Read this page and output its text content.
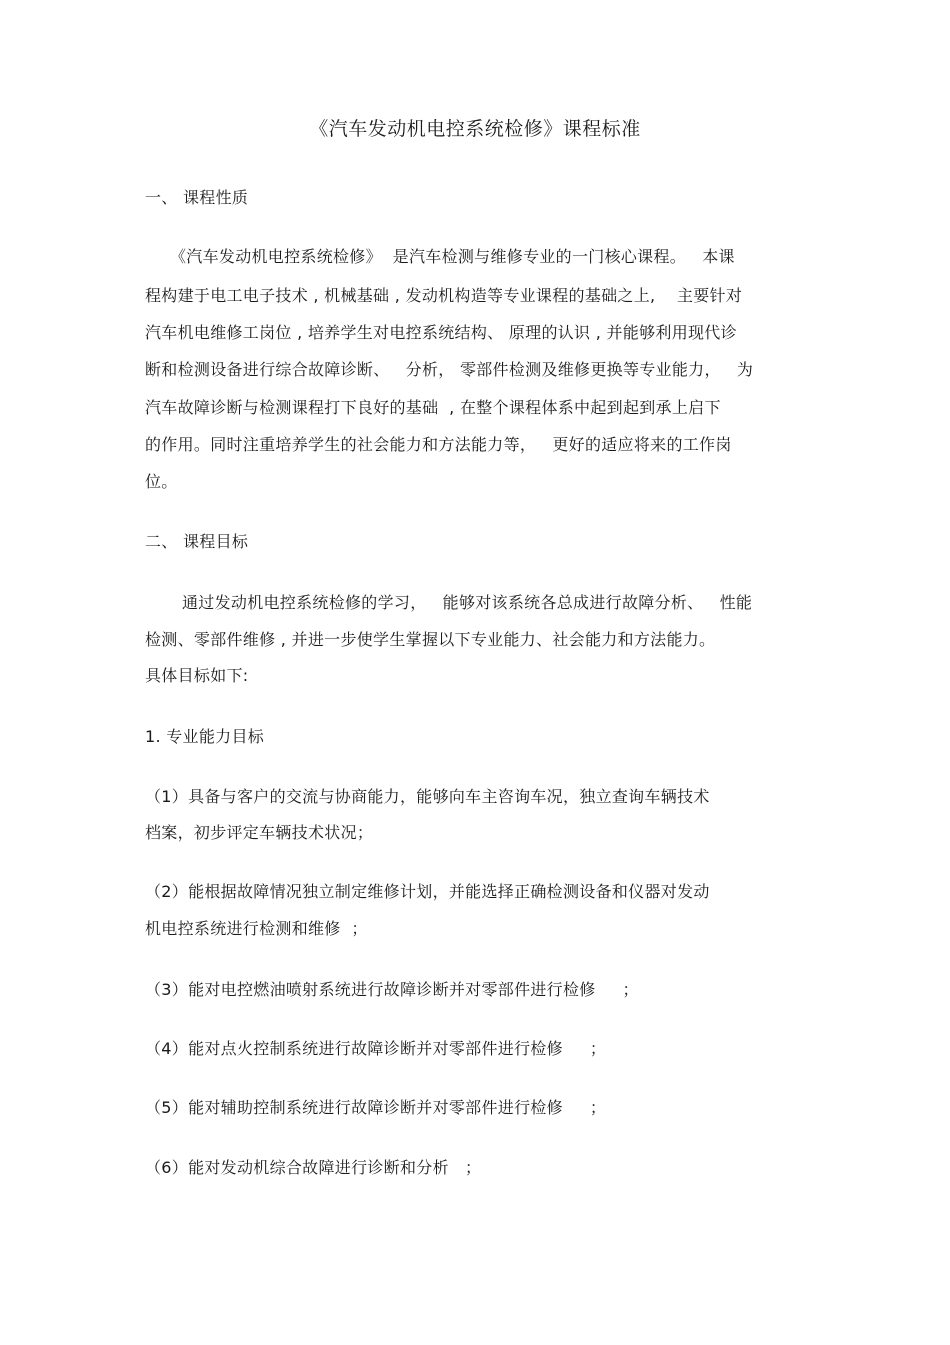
《汽车发动机电控系统检修》课程标准
一、 课程性质
《汽车发动机电控系统检修》  是汽车检测与维修专业的一门核心课程。   本课
程构建于电工电子技术 , 机械基础 , 发动机构造等专业课程的基础之上,    主要针对
汽车机电维修工岗位 , 培养学生对电控系统结构、 原理的认识 , 并能够利用现代诊
断和检测设备进行综合故障诊断、   分析， 零部件检测及维修更换等专业能力，   为
汽车故障诊断与检测课程打下良好的基础  , 在整个课程体系中起到起到承上启下
的作用。同时注重培养学生的社会能力和方法能力等，   更好的适应将来的工作岗
位。
二、 课程目标
通过发动机电控系统检修的学习，   能够对该系统各总成进行故障分析、   性能
检测、零部件维修 , 并进一步使学生掌握以下专业能力、社会能力和方法能力。
具体目标如下:
1. 专业能力目标
（1）具备与客户的交流与协商能力，能够向车主咨询车况，独立查询车辆技术
档案，初步评定车辆技术状况；
（2）能根据故障情况独立制定维修计划，并能选择正确检测设备和仪器对发动
机电控系统进行检测和维修  ；
（3）能对电控燃油喷射系统进行故障诊断并对零部件进行检修     ；
（4）能对点火控制系统进行故障诊断并对零部件进行检修     ；
（5）能对辅助控制系统进行故障诊断并对零部件进行检修     ；
（6）能对发动机综合故障进行诊断和分析   ；
